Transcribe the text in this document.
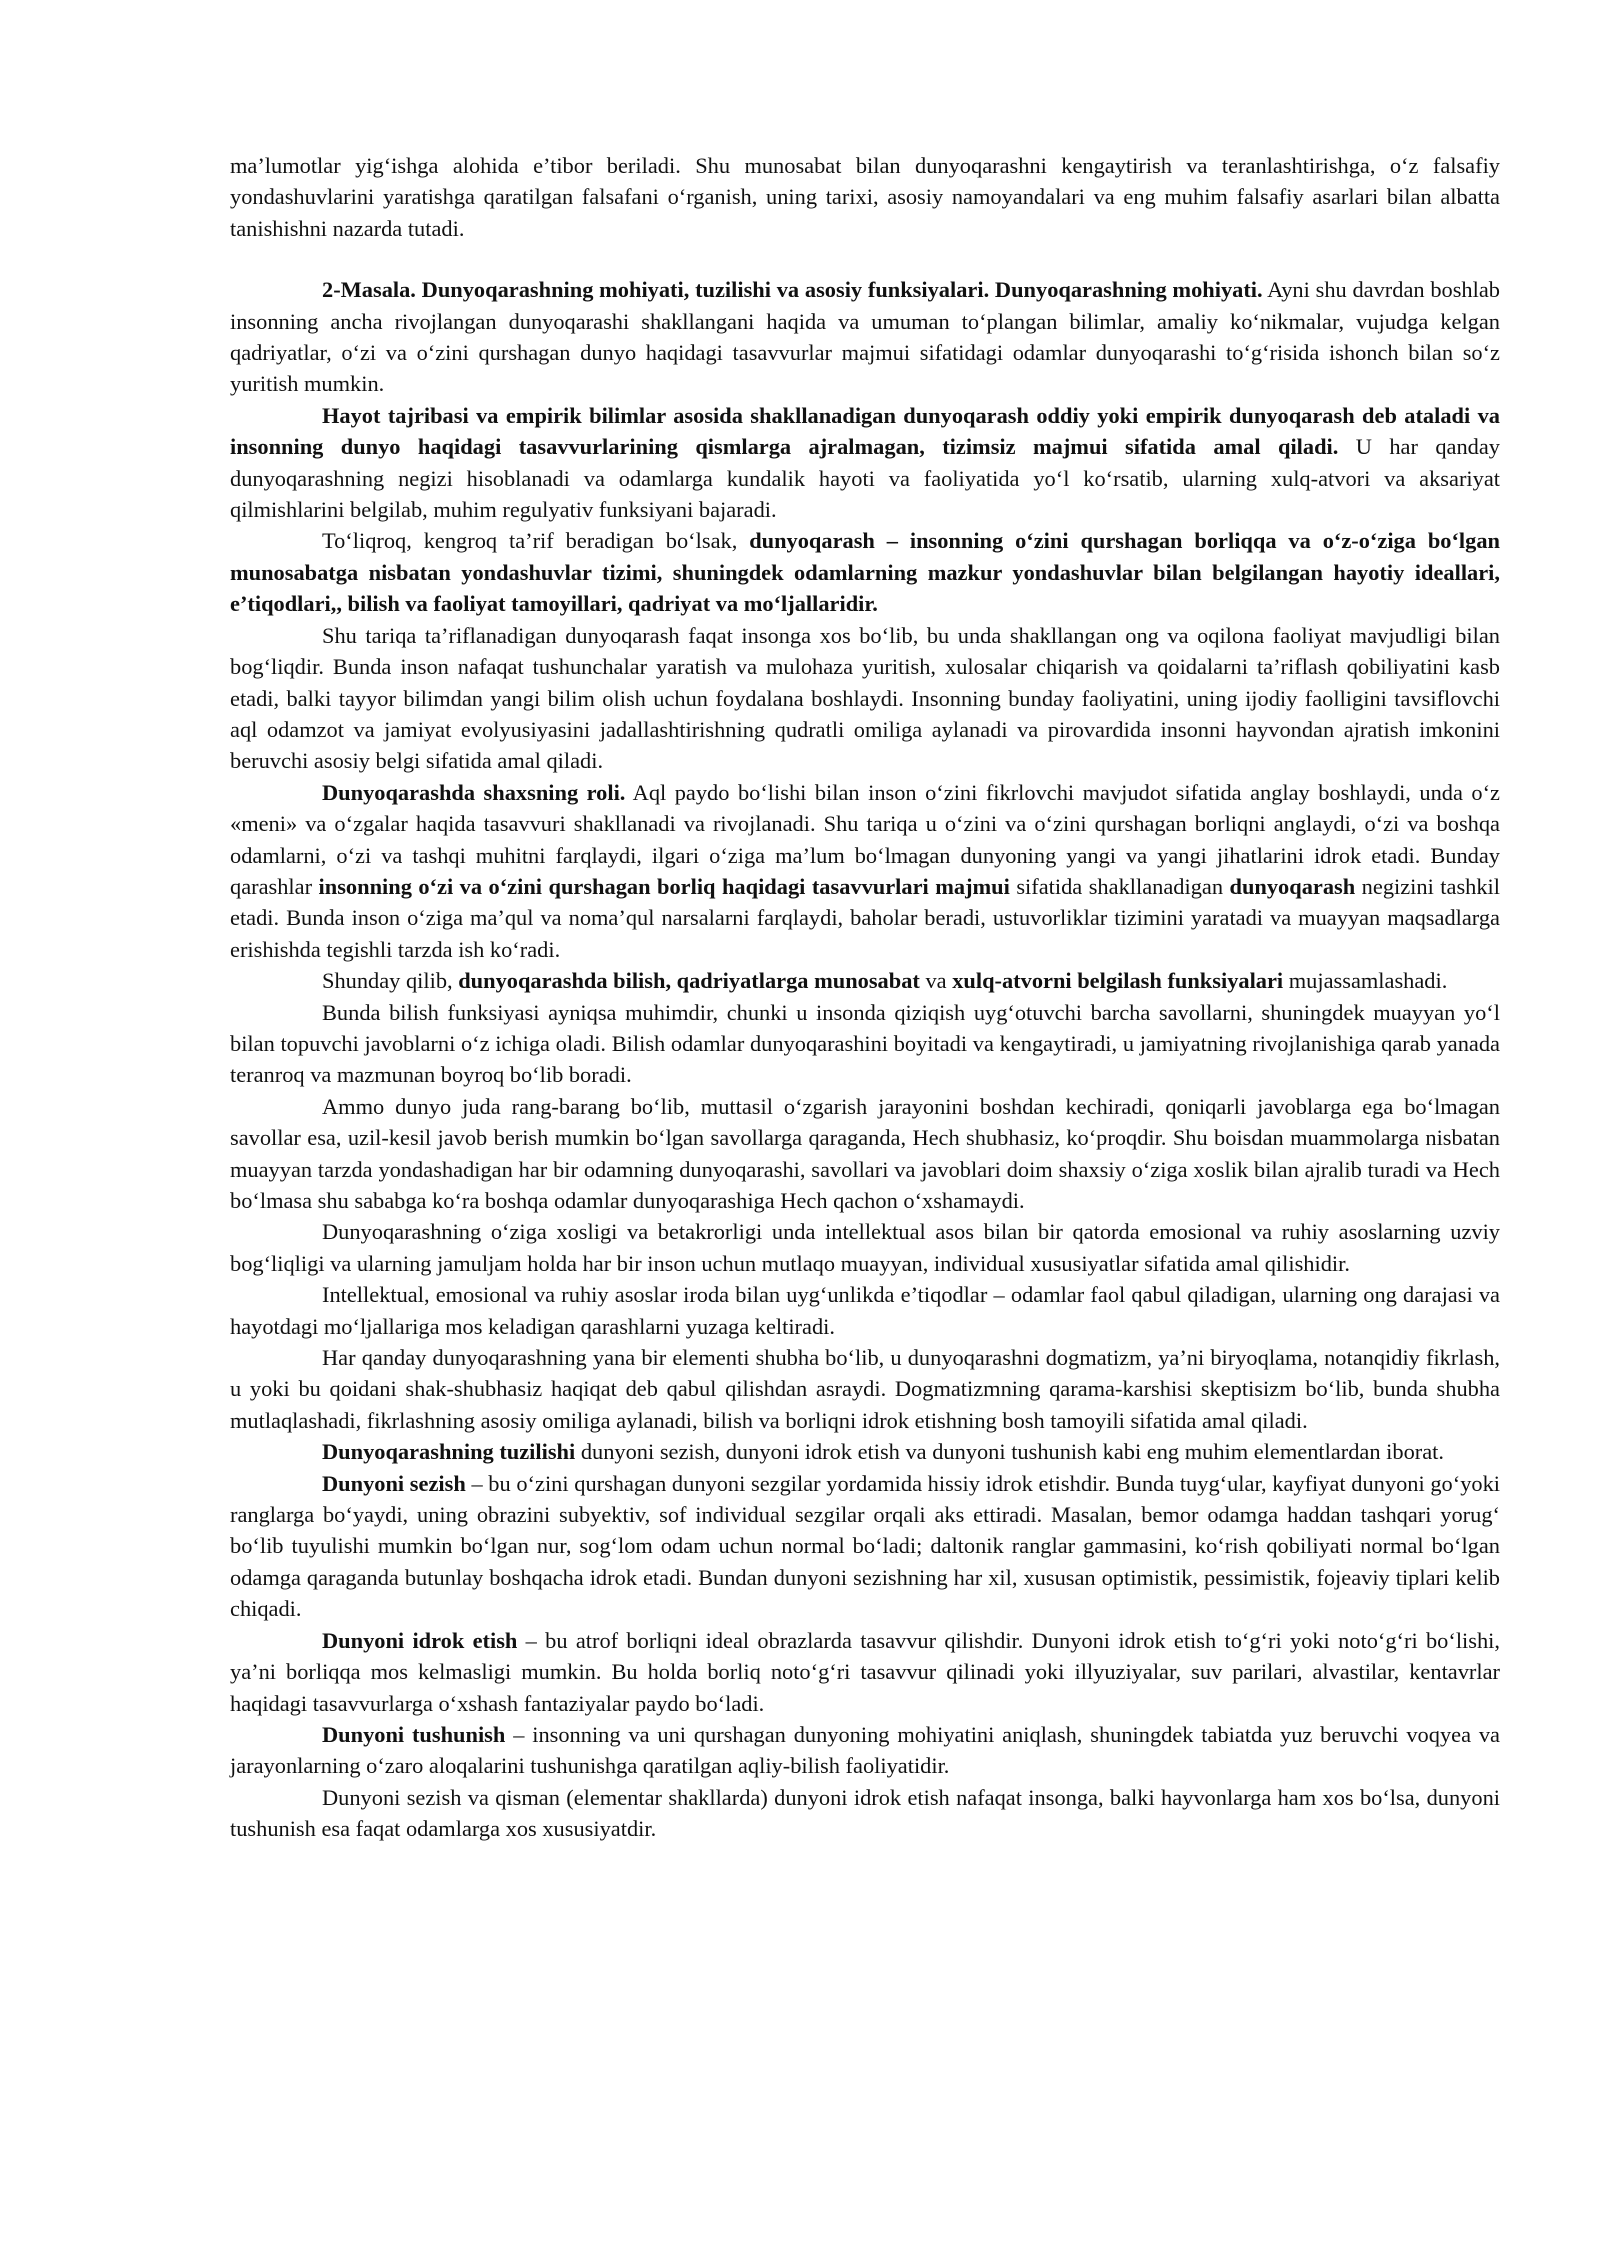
ma’lumotlar yig‘ishga alohida e’tibor beriladi. Shu munosabat bilan dunyoqarashni kengaytirish va teranlashtirishga, o‘z falsafiy yondashuvlarini yaratishga qaratilgan falsafani o‘rganish, uning tarixi, asosiy namoyandalari va eng muhim falsafiy asarlari bilan albatta tanishishni nazarda tutadi.

2-Masala. Dunyoqarashning mohiyati, tuzilishi va asosiy funksiyalari. Dunyoqarashning mohiyati. Ayni shu davrdan boshlab insonning ancha rivojlangan dunyoqarashi shakllangani haqida va umuman to‘plangan bilimlar, amaliy ko‘nikmalar, vujudga kelgan qadriyatlar, o‘zi va o‘zini qurshagan dunyo haqidagi tasavvurlar majmui sifatidagi odamlar dunyoqarashi to‘g‘risida ishonch bilan so‘z yuritish mumkin.

Hayot tajribasi va empirik bilimlar asosida shakllanadigan dunyoqarash oddiy yoki empirik dunyoqarash deb ataladi va insonning dunyo haqidagi tasavvurlarining qismlarga ajralmagan, tizimsiz majmui sifatida amal qiladi. U har qanday dunyoqarashning negizi hisoblanadi va odamlarga kundalik hayoti va faoliyatida yo‘l ko‘rsatib, ularning xulq-atvori va aksariyat qilmishlarini belgilab, muhim regulyativ funksiyani bajaradi.

To‘liqroq, kengroq ta’rif beradigan bo‘lsak, dunyoqarash – insonning o‘zini qurshagan borliqqa va o‘z-o‘ziga bo‘lgan munosabatga nisbatan yondashuvlar tizimi, shuningdek odamlarning mazkur yondashuvlar bilan belgilangan hayotiy ideallari, e’tiqodlari,, bilish va faoliyat tamoyillari, qadriyat va mo‘ljallaridir.

Shu tariqa ta’riflanadigan dunyoqarash faqat insonga xos bo‘lib, bu unda shakllangan ong va oqilona faoliyat mavjudligi bilan bog‘liqdir. Bunda inson nafaqat tushunchalar yaratish va mulohaza yuritish, xulosalar chiqarish va qoidalarni ta’riflash qobiliyatini kasb etadi, balki tayyor bilimdan yangi bilim olish uchun foydalana boshlaydi. Insonning bunday faoliyatini, uning ijodiy faolligini tavsiflovchi aql odamzot va jamiyat evolyusiyasini jadallashtirishning qudratli omiliga aylanadi va pirovardida insonni hayvondan ajratish imkonini beruvchi asosiy belgi sifatida amal qiladi.

Dunyoqarashda shaxsning roli. Aql paydo bo‘lishi bilan inson o‘zini fikrlovchi mavjudot sifatida anglay boshlaydi, unda o‘z «meni» va o‘zgalar haqida tasavvuri shakllanadi va rivojlanadi. Shu tariqa u o‘zini va o‘zini qurshagan borliqni anglaydi, o‘zi va boshqa odamlarni, o‘zi va tashqi muhitni farqlaydi, ilgari o‘ziga ma’lum bo‘lmagan dunyoning yangi va yangi jihatlarini idrok etadi. Bunday qarashlar insonning o‘zi va o‘zini qurshagan borliq haqidagi tasavvurlari majmui sifatida shakllanadigan dunyoqarash negizini tashkil etadi. Bunda inson o‘ziga ma’qul va noma’qul narsalarni farqlaydi, baholar beradi, ustuvorliklar tizimini yaratadi va muayyan maqsadlarga erishishda tegishli tarzda ish ko‘radi.

Shunday qilib, dunyoqarashda bilish, qadriyatlarga munosabat va xulq-atvorni belgilash funksiyalari mujassamlashadi.

Bunda bilish funksiyasi ayniqsa muhimdir, chunki u insonda qiziqish uyg‘otuvchi barcha savollarni, shuningdek muayyan yo‘l bilan topuvchi javoblarni o‘z ichiga oladi. Bilish odamlar dunyoqarashini boyitadi va kengaytiradi, u jamiyatning rivojlanishiga qarab yanada teranroq va mazmunan boyroq bo‘lib boradi.

Ammo dunyo juda rang-barang bo‘lib, muttasil o‘zgarish jarayonini boshdan kechiradi, qoniqarli javoblarga ega bo‘lmagan savollar esa, uzil-kesil javob berish mumkin bo‘lgan savollarga qaraganda, Hech shubhasiz, ko‘proqdir. Shu boisdan muammolarga nisbatan muayyan tarzda yondashadigan har bir odamning dunyoqarashi, savollari va javoblari doim shaxsiy o‘ziga xoslik bilan ajralib turadi va Hech bo‘lmasa shu sababga ko‘ra boshqa odamlar dunyoqarashiga Hech qachon o‘xshamaydi.

Dunyoqarashning o‘ziga xosligi va betakrorligi unda intellektual asos bilan bir qatorda emosional va ruhiy asoslarning uzviy bog‘liqligi va ularning jamuljam holda har bir inson uchun mutlaqo muayyan, individual xususiyatlar sifatida amal qilishidir.

Intellektual, emosional va ruhiy asoslar iroda bilan uyg‘unlikda e’tiqodlar – odamlar faol qabul qiladigan, ularning ong darajasi va hayotdagi mo‘ljallariga mos keladigan qarashlarni yuzaga keltiradi.

Har qanday dunyoqarashning yana bir elementi shubha bo‘lib, u dunyoqarashni dogmatizm, ya’ni biryoqlama, notanqidiy fikrlash, u yoki bu qoidani shak-shubhasiz haqiqat deb qabul qilishdan asraydi. Dogmatizmning qarama-karshisi skeptisizm bo‘lib, bunda shubha mutlaqlashadi, fikrlashning asosiy omiliga aylanadi, bilish va borliqni idrok etishning bosh tamoyili sifatida amal qiladi.

Dunyoqarashning tuzilishi dunyoni sezish, dunyoni idrok etish va dunyoni tushunish kabi eng muhim elementlardan iborat.

Dunyoni sezish – bu o‘zini qurshagan dunyoni sezgilar yordamida hissiy idrok etishdir. Bunda tuyg‘ular, kayfiyat dunyoni go‘yoki ranglarga bo‘yaydi, uning obrazini subyektiv, sof individual sezgilar orqali aks ettiradi. Masalan, bemor odamga haddan tashqari yorug‘ bo‘lib tuyulishi mumkin bo‘lgan nur, sog‘lom odam uchun normal bo‘ladi; daltonik ranglar gammasini, ko‘rish qobiliyati normal bo‘lgan odamga qaraganda butunlay boshqacha idrok etadi. Bundan dunyoni sezishning har xil, xususan optimistik, pessimistik, fojeaviy tiplari kelib chiqadi.

Dunyoni idrok etish – bu atrof borliqni ideal obrazlarda tasavvur qilishdir. Dunyoni idrok etish to‘g‘ri yoki noto‘g‘ri bo‘lishi, ya’ni borliqqa mos kelmasligi mumkin. Bu holda borliq noto‘g‘ri tasavvur qilinadi yoki illyuziyalar, suv parilari, alvastilar, kentavrlar haqidagi tasavvurlarga o‘xshash fantaziyalar paydo bo‘ladi.

Dunyoni tushunish – insonning va uni qurshagan dunyoning mohiyatini aniqlash, shuningdek tabiatda yuz beruvchi voqyea va jarayonlarning o‘zaro aloqalarini tushunishga qaratilgan aqliy-bilish faoliyatidir.

Dunyoni sezish va qisman (elementar shakllarda) dunyoni idrok etish nafaqat insonga, balki hayvonlarga ham xos bo‘lsa, dunyoni tushunish esa faqat odamlarga xos xususiyatdir.
